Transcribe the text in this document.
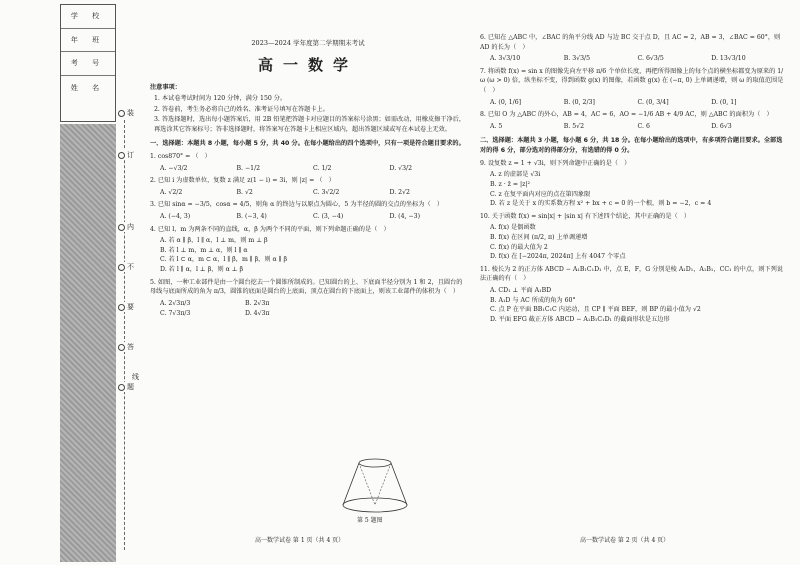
学 校
年 班
考 号
姓 名
装
订
内
不
要
答
题
线
2023—2024 学年度第二学期期末考试
高一数学
注意事项：

1. 本试卷考试时间为 120 分钟，满分 150 分。

2. 答卷前，考生务必将自己的姓名、准考证号填写在答题卡上。

3. 答选择题时，选出每小题答案后，用 2B 铅笔把答题卡对应题目的答案标号涂黑；如需改动，用橡皮擦干净后，再选涂其它答案标号；答非选择题时，将答案写在答题卡上相应区域内，超出答题区域或写在本试卷上无效。

一、选择题：本题共 8 小题，每小题 5 分，共 40 分。在每小题给出的四个选项中，只有一项是符合题目要求的。
1. cos870° = （　）
A. −√3/2	B. −1/2	C. 1/2	D. √3/2
2. 已知 i 为虚数单位，复数 z 满足 z(1 − i) = 3i，则 |z| = （　）
A. √2/2	B. √2	C. 3√2/2	D. 2√2
3. 已知 sinα = −3/5，cosα = 4/5，则角 α 的终边与以原点为圆心，5 为半径的圆的交点的坐标为（　）
A. (−4, 3)	B. (−3, 4)	C. (3, −4)	D. (4, −3)
4. 已知 l，m 为两条不同的直线，α，β 为两个不同的平面，则下列命题正确的是（　）
A. 若 α ∥ β，l ∥ α，l ⊥ m，则 m ⊥ β
B. 若 l ⊥ m，m ⊥ α，则 l ∥ α
C. 若 l ⊂ α，m ⊂ α，l ∥ β，m ∥ β，则 α ∥ β
D. 若 l ∥ α，l ⊥ β，则 α ⊥ β
5. 如图，一种工业部件是由一个圆台挖去一个圆锥所制成的。已知圆台的上、下底面半径分别为 1 和 2，且圆台的母线与底面所成的角为 π/3，圆锥的底面是圆台的上底面，顶点在圆台的下底面上，则该工业部件的体积为（　）
A. 2√3π/3	B. 2√3π
C. 7√3π/3	D. 4√3π
第 5 题图
6. 已知在 △ABC 中，∠BAC 的角平分线 AD 与边 BC 交于点 D，且 AC = 2，AB = 3，∠BAC = 60°，则 AD 的长为（　）
A. 3√3/10	B. 3√3/5	C. 6√3/5	D. 13√3/10
7. 将函数 f(x) = sin x 的图像先向左平移 π/6 个单位长度，再把所得图像上的每个点的横坐标都变为原来的 1/ω (ω > 0) 倍，纵坐标不变，得到函数 g(x) 的图像，若函数 g(x) 在 (−π, 0) 上单调递增，则 ω 的取值范围是（　）
A. (0, 1/6]	B. (0, 2/3]	C. (0, 3/4]	D. (0, 1]
8. 已知 O 为 △ABC 的外心，AB = 4，AC = 6，AO = −1/6 AB + 4/9 AC，则 △ABC 的面积为（　）
A. 5	B. 5√2	C. 6	D. 6√3
二、选择题：本题共 3 小题，每小题 6 分，共 18 分。在每小题给出的选项中，有多项符合题目要求。全部选对的得 6 分，部分选对的得部分分，有选错的得 0 分。
9. 设复数 z = 1 + √3i，则下列命题中正确的是（　）
A. z 的虚部是 √3i
B. z · z̄ = |z|²
C. z 在复平面内对应的点在第四象限
D. 若 z 是关于 x 的实系数方程 x² + bx + c = 0 的一个根，则 b = −2，c = 4
10. 关于函数 f(x) = sin|x| + |sin x| 有下述四个结论，其中正确的是（　）
A. f(x) 是偶函数
B. f(x) 在区间 (π/2, π) 上单调递增
C. f(x) 的最大值为 2
D. f(x) 在 [−2024π, 2024π] 上有 4047 个零点
11. 棱长为 2 的正方体 ABCD − A₁B₁C₁D₁ 中，点 E，F，G 分别是棱 A₁D₁，A₁B₁，CC₁ 的中点，则下列说法正确的有（　）
A. CD₁ ⊥ 平面 A₁BD
B. A₁D 与 AC 所成的角为 60°
C. 点 P 在平面 BB₁C₁C 内运动，且 CP ∥ 平面 BEF，则 BP 的最小值为 √2
D. 平面 EFG 截正方体 ABCD − A₁B₁C₁D₁ 的截面形状是五边形
高一数学试卷 第 1 页（共 4 页）	高一数学试卷 第 2 页（共 4 页）
